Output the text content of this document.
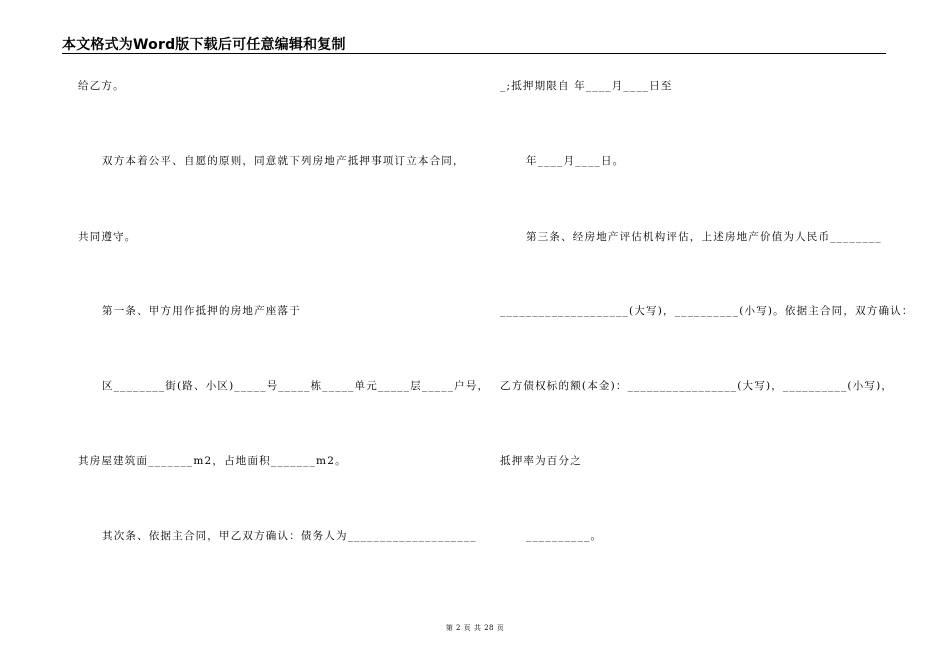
本文格式为Word版下载后可任意编辑和复制
给乙方。
双方本着公平、自愿的原则，同意就下列房地产抵押事项订立本合同，
共同遵守。
第一条、甲方用作抵押的房地产座落于
区________街(路、小区)_____号_____栋_____单元_____层_____户号，
其房屋建筑面_______m2，占地面积_______m2。
其次条、依据主合同，甲乙双方确认：债务人为____________________
_;抵押期限自 年____月____日至
年____月____日。
第三条、经房地产评估机构评估，上述房地产价值为人民币________
____________________(大写)，__________(小写)。依据主合同，双方确认：
乙方债权标的额(本金)：_________________(大写)，__________(小写)，
抵押率为百分之
__________。
第 2 页 共 28 页
